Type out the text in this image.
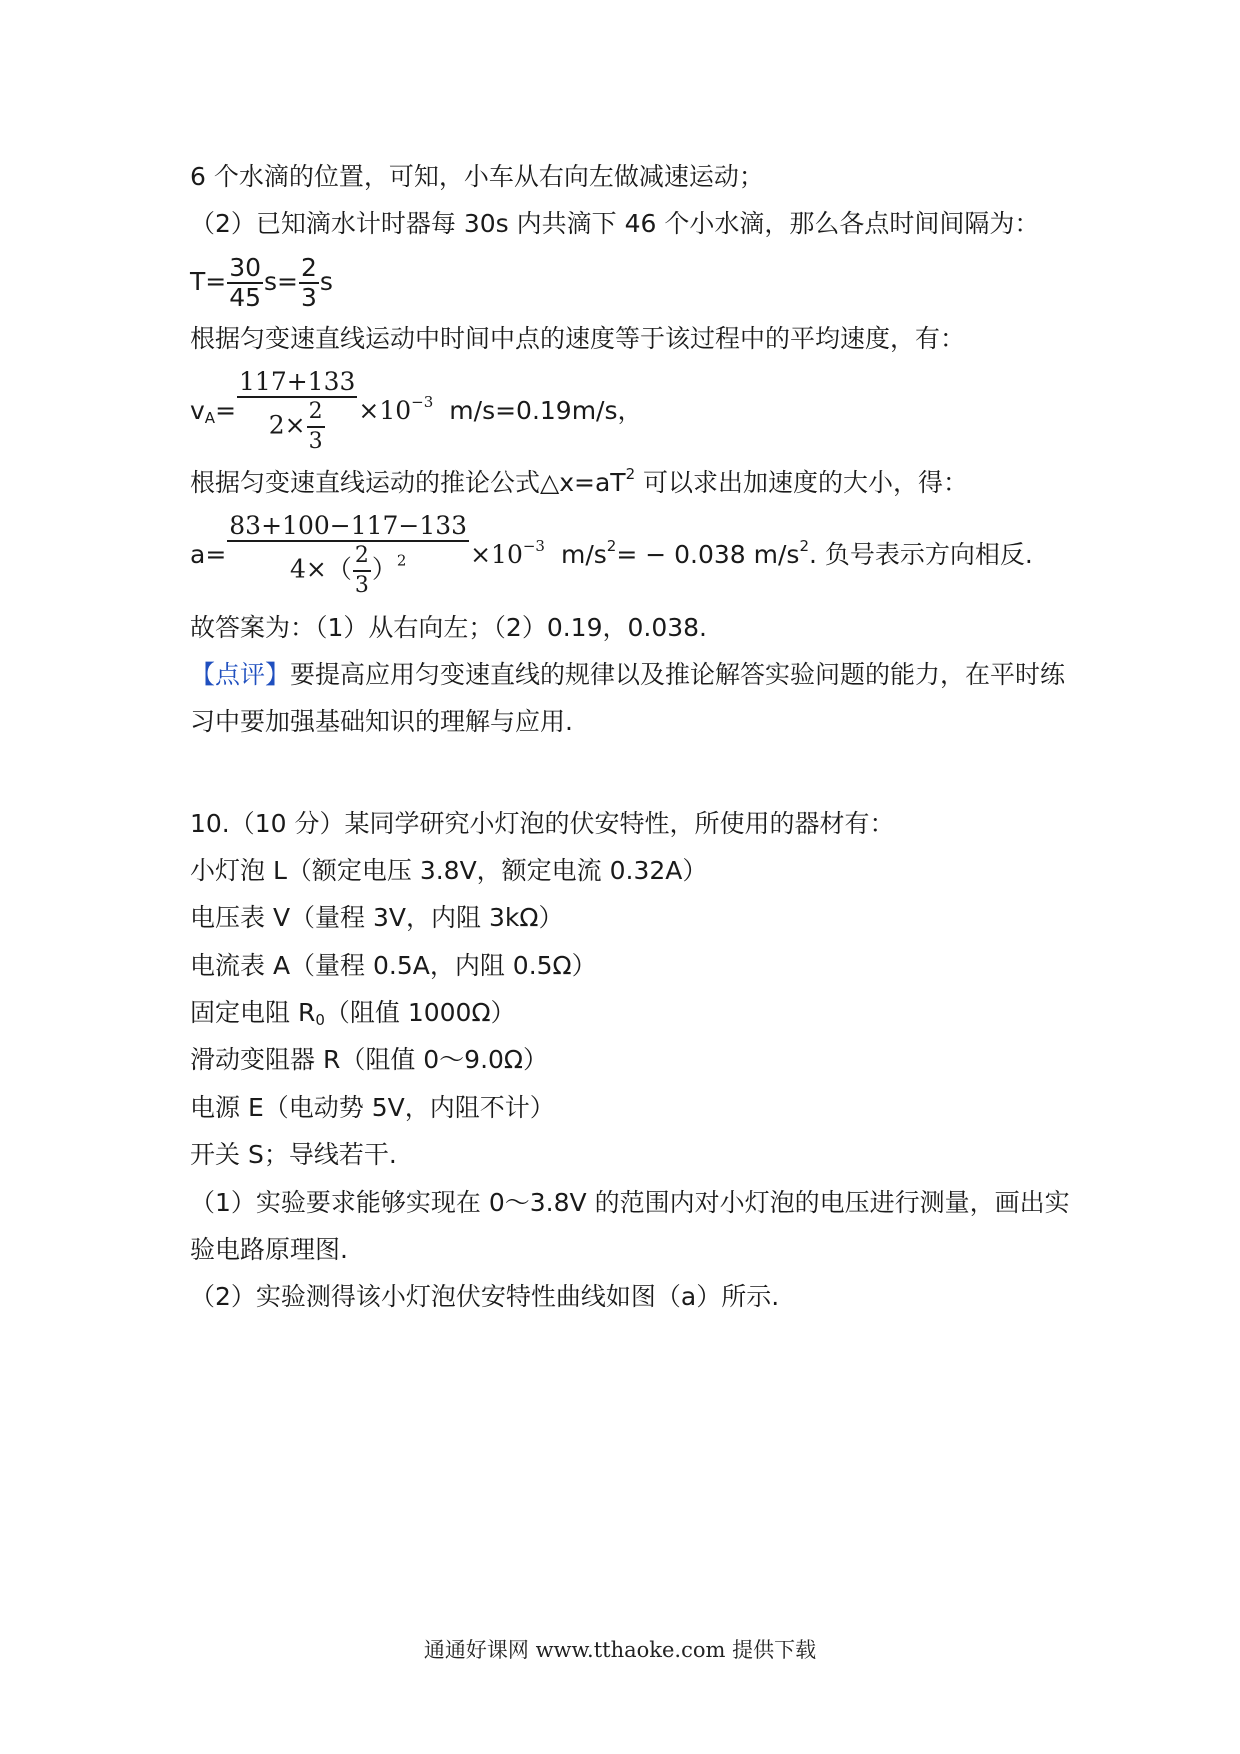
6 个水滴的位置，可知，小车从右向左做减速运动；
（2）已知滴水计时器每 30s 内共滴下 46 个小水滴，那么各点时间间隔为：
$T= \frac{30}{45} s= \frac{2}{3}$ s
根据匀变速直线运动中时间中点的速度等于该过程中的平均速度，有：
$v_A= \frac{117+133}{2\times \frac{2}{3}} \times 10^{-3}$ m/s=0.19m/s，
根据匀变速直线运动的推论公式$\triangle x=aT^2$ 可以求出加速度的大小，得：
$a= \frac{83+100-117-133}{4\times( \frac{2}{3} )^2} \times 10^{-3}$ $m/s^2= - 0.038$ $m/s^2$. 负号表示方向相反.
故答案为：（1）从右向左；（2）0.19，0.038.
【点评】要提高应用匀变速直线的规律以及推论解答实验问题的能力，在平时练
习中要加强基础知识的理解与应用.
10.（10 分）某同学研究小灯泡的伏安特性，所使用的器材有：
小灯泡 L（额定电压 3.8V，额定电流 0.32A）
电压表 V（量程 3V，内阻 3kΩ）
电流表 A（量程 0.5A，内阻 0.5Ω）
固定电阻 $R_0$（阻值 1000Ω）
滑动变阻器 R（阻值 0～9.0Ω）
电源 E（电动势 5V，内阻不计）
开关 S；导线若干.
（1）实验要求能够实现在 0～3.8V 的范围内对小灯泡的电压进行测量，画出实
验电路原理图.
（2）实验测得该小灯泡伏安特性曲线如图（a）所示.
通通好课网 www.tthaoke.com 提供下载
